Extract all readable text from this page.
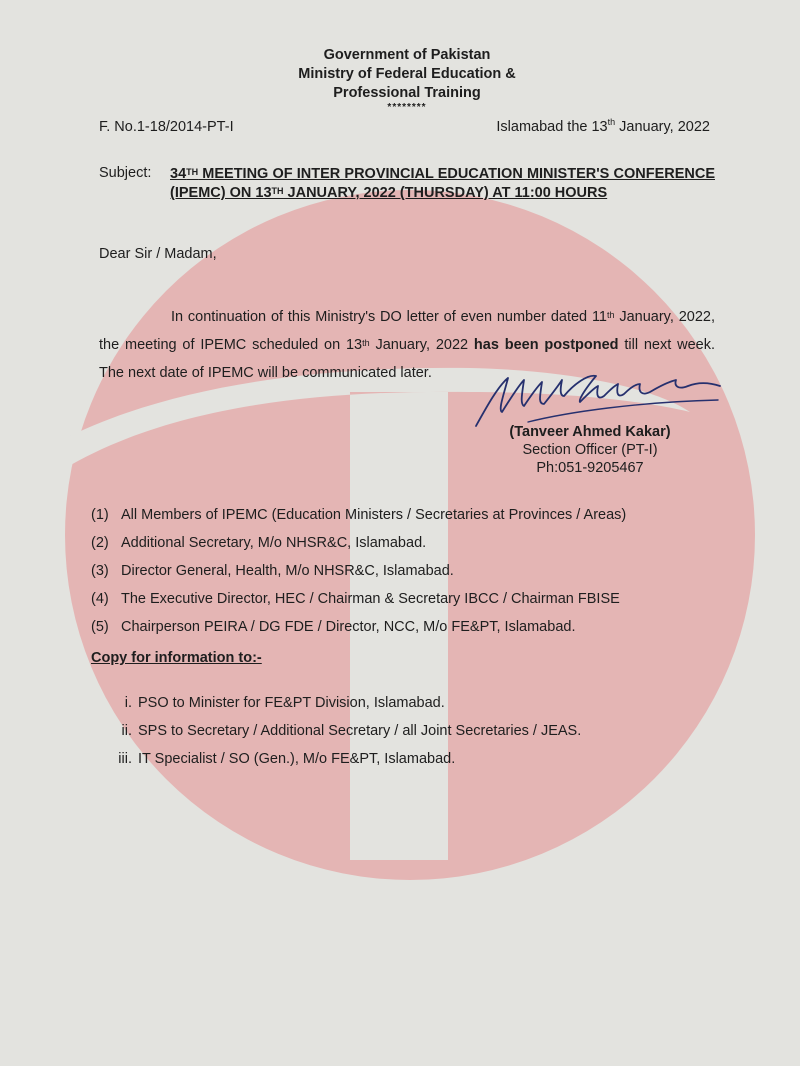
Government of Pakistan
Ministry of Federal Education &
Professional Training
********
F. No.1-18/2014-PT-I	Islamabad the 13th January, 2022
Subject: 34TH MEETING OF INTER PROVINCIAL EDUCATION MINISTER'S CONFERENCE (IPEMC) ON 13TH JANUARY, 2022 (THURSDAY) AT 11:00 HOURS
Dear Sir / Madam,

In continuation of this Ministry's DO letter of even number dated 11th January, 2022, the meeting of IPEMC scheduled on 13th January, 2022 has been postponed till next week. The next date of IPEMC will be communicated later.

(Tanveer Ahmed Kakar)
Section Officer (PT-I)
Ph:051-9205467
(1) All Members of IPEMC (Education Ministers / Secretaries at Provinces / Areas)
(2) Additional Secretary, M/o NHSR&C, Islamabad.
(3) Director General, Health, M/o NHSR&C, Islamabad.
(4) The Executive Director, HEC / Chairman & Secretary IBCC / Chairman FBISE
(5) Chairperson PEIRA / DG FDE / Director, NCC, M/o FE&PT, Islamabad.
Copy for information to:-
i. PSO to Minister for FE&PT Division, Islamabad.
ii. SPS to Secretary / Additional Secretary / all Joint Secretaries / JEAS.
iii. IT Specialist / SO (Gen.), M/o FE&PT, Islamabad.
